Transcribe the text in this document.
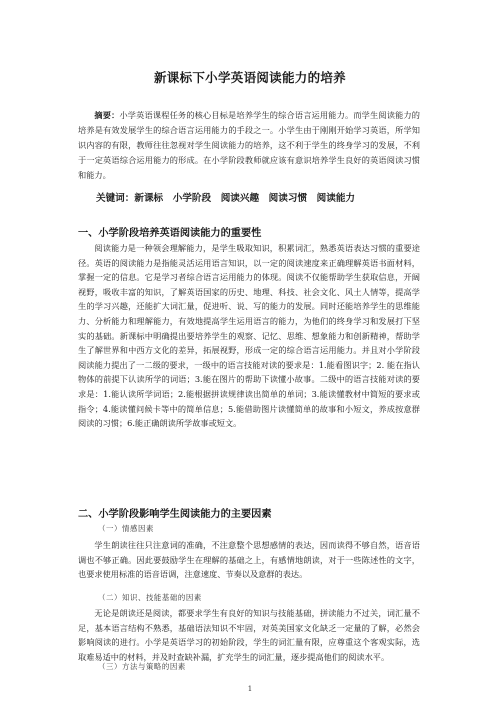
新课标下小学英语阅读能力的培养

摘要：小学英语课程任务的核心目标是培养学生的综合语言运用能力。而学生阅读能力的培养是有效发展学生的综合语言运用能力的手段之一。小学生由于刚刚开始学习英语，所学知识内容的有限，教师往往忽视对学生阅读能力的培养，这不利于学生的终身学习的发展，不利于一定英语综合运用能力的形成。在小学阶段教师就应该有意识培养学生良好的英语阅读习惯和能力。

关键词：新课标　小学阶段　阅读兴趣　阅读习惯　阅读能力
一、小学阶段培养英语阅读能力的重要性

阅读能力是一种领会理解能力，是学生吸取知识，积累词汇，熟悉英语表达习惯的重要途径。英语的阅读能力是指能灵活运用语言知识，以一定的阅读速度来正确理解英语书面材料，掌握一定的信息。它是学习者综合语言运用能力的体现。阅读不仅能帮助学生获取信息，开阔视野，吸收丰富的知识，了解英语国家的历史、地理、科技、社会文化、风土人情等，提高学生的学习兴趣，还能扩大词汇量，促进听、说、写的能力的发展。同时还能培养学生的思维能力、分析能力和理解能力，有效地提高学生运用语言的能力，为他们的终身学习和发展打下坚实的基础。新课标中明确提出要培养学生的观察、记忆、思维、想象能力和创新精神，帮助学生了解世界和中西方文化的差异，拓展视野，形成一定的综合语言运用能力。并且对小学阶段阅读能力提出了一二级的要求，一级中的语言技能对读的要求是：1.能看图识字；2. 能在指认物体的前提下认读所学的词语；3.能在图片的帮助下读懂小故事。二级中的语言技能对读的要求是：1.能认读所学词语；2.能根据拼读规律读出简单的单词；3.能读懂教材中简短的要求或指令；4.能读懂问候卡等中的简单信息；5.能借助图片读懂简单的故事和小短文，养成按意群阅读的习惯；6.能正确朗读所学故事或短文。

二、小学阶段影响学生阅读能力的主要因素

（一）情感因素

学生朗读往往只注意词的准确，不注意整个思想感情的表达，因而读得不够自然，语音语调也不够正确。因此要鼓励学生在理解的基础之上，有感情地朗读，对于一些陈述性的文字，也要求使用标准的语音语调，注意速度、节奏以及意群的表达。

（二）知识、技能基础的因素

无论是朗读还是阅读，都要求学生有良好的知识与技能基础，拼读能力不过关，词汇量不足，基本语言结构不熟悉，基础语法知识不牢固，对英美国家文化缺乏一定量的了解，必然会影响阅读的进行。小学是英语学习的初始阶段，学生的词汇量有限，应尊重这个客观实际，选取难易适中的材料，并及时查缺补漏，扩充学生的词汇量，逐步提高他们的阅读水平。

（三）方法与策略的因素

1
